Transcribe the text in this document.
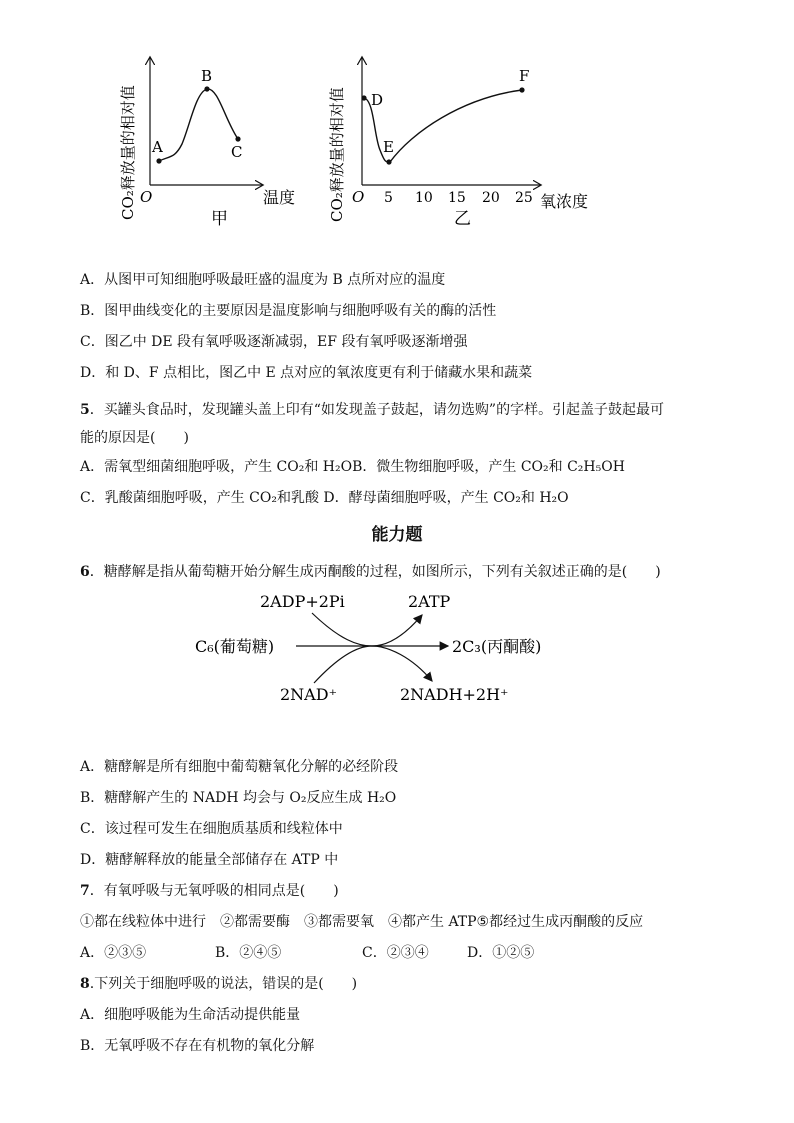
A
B
C
O	温度
甲
CO₂释放量的相对值	D
E
F
O 5 10 15 20 25 氧浓度
乙
CO₂释放量的相对值
A．从图甲可知细胞呼吸最旺盛的温度为 B 点所对应的温度
B．图甲曲线变化的主要原因是温度影响与细胞呼吸有关的酶的活性
C．图乙中 DE 段有氧呼吸逐渐减弱，EF 段有氧呼吸逐渐增强
D．和 D、F 点相比，图乙中 E 点对应的氧浓度更有利于储藏水果和蔬菜
5．买罐头食品时，发现罐头盖上印有“如发现盖子鼓起，请勿选购”的字样。引起盖子鼓起最可
能的原因是(　　)
A．需氧型细菌细胞呼吸，产生 CO₂和 H₂OB．微生物细胞呼吸，产生 CO₂和 C₂H₅OH
C．乳酸菌细胞呼吸，产生 CO₂和乳酸 D．酵母菌细胞呼吸，产生 CO₂和 H₂O
能力题
6．糖酵解是指从葡萄糖开始分解生成丙酮酸的过程，如图所示，下列有关叙述正确的是(　　)
2ADP+2Pi	2ATP
C₆(葡萄糖)	2C₃(丙酮酸)
2NAD⁺	2NADH+2H⁺
A．糖酵解是所有细胞中葡萄糖氧化分解的必经阶段
B．糖酵解产生的 NADH 均会与 O₂反应生成 H₂O
C．该过程可发生在细胞质基质和线粒体中
D．糖酵解释放的能量全部储存在 ATP 中
7．有氧呼吸与无氧呼吸的相同点是(　　)
①都在线粒体中进行　②都需要酶　③都需要氧　④都产生 ATP⑤都经过生成丙酮酸的反应
A．②③⑤	B．②④⑤	C．②③④	D．①②⑤
8.下列关于细胞呼吸的说法，错误的是(　　)
A．细胞呼吸能为生命活动提供能量
B．无氧呼吸不存在有机物的氧化分解
